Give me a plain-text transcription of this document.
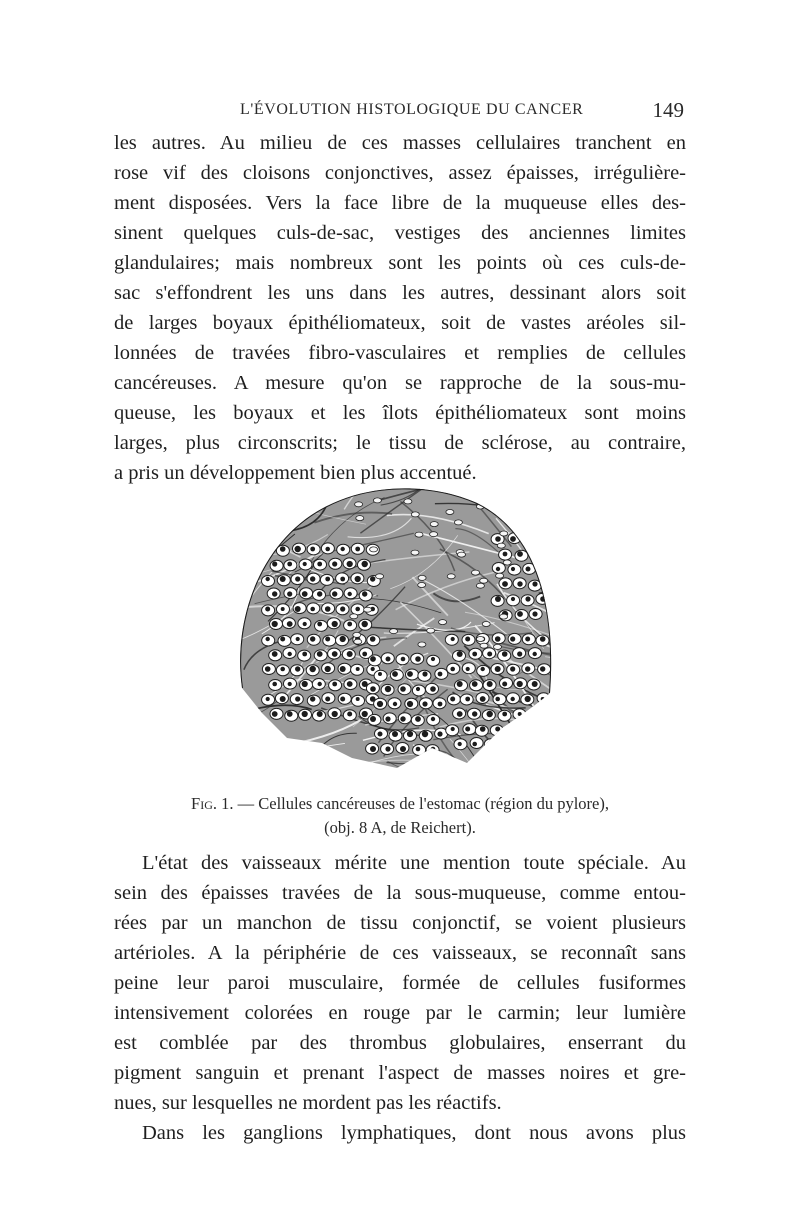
L'ÉVOLUTION HISTOLOGIQUE DU CANCER	149
les autres. Au milieu de ces masses cellulaires tranchent en
rose vif des cloisons conjonctives, assez épaisses, irrégulière-
ment disposées. Vers la face libre de la muqueuse elles des-
sinent quelques culs-de-sac, vestiges des anciennes limites
glandulaires; mais nombreux sont les points où ces culs-de-
sac s'effondrent les uns dans les autres, dessinant alors soit
de larges boyaux épithéliomateux, soit de vastes aréoles sil-
lonnées de travées fibro-vasculaires et remplies de cellules
cancéreuses. A mesure qu'on se rapproche de la sous-mu-
queuse, les boyaux et les îlots épithéliomateux sont moins
larges, plus circonscrits; le tissu de sclérose, au contraire,
a pris un développement bien plus accentué.
Fig. 1. — Cellules cancéreuses de l'estomac (région du pylore),
(obj. 8 A, de Reichert).
L'état des vaisseaux mérite une mention toute spéciale. Au
sein des épaisses travées de la sous-muqueuse, comme entou-
rées par un manchon de tissu conjonctif, se voient plusieurs
artérioles. A la périphérie de ces vaisseaux, se reconnaît sans
peine leur paroi musculaire, formée de cellules fusiformes
intensivement colorées en rouge par le carmin; leur lumière
est comblée par des thrombus globulaires, enserrant du
pigment sanguin et prenant l'aspect de masses noires et gre-
nues, sur lesquelles ne mordent pas les réactifs.
Dans les ganglions lymphatiques, dont nous avons plus
